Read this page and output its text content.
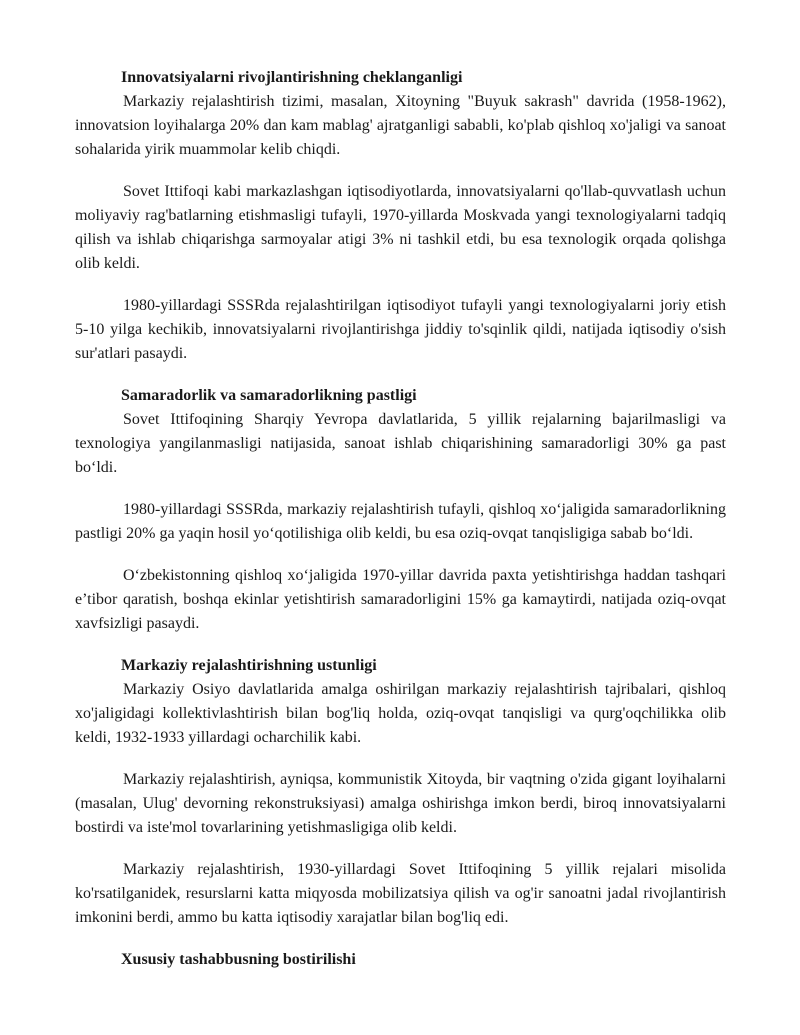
Innovatsiyalarni rivojlantirishning cheklanganligi

Markaziy rejalashtirish tizimi, masalan, Xitoyning "Buyuk sakrash" davrida (1958-1962), innovatsion loyihalarga 20% dan kam mablag' ajratganligi sababli, ko'plab qishloq xo'jaligi va sanoat sohalarida yirik muammolar kelib chiqdi.

Sovet Ittifoqi kabi markazlashgan iqtisodiyotlarda, innovatsiyalarni qo'llab-quvvatlash uchun moliyaviy rag'batlarning etishmasligi tufayli, 1970-yillarda Moskvada yangi texnologiyalarni tadqiq qilish va ishlab chiqarishga sarmoyalar atigi 3% ni tashkil etdi, bu esa texnologik orqada qolishga olib keldi.

1980-yillardagi SSSRda rejalashtirilgan iqtisodiyot tufayli yangi texnologiyalarni joriy etish 5-10 yilga kechikib, innovatsiyalarni rivojlantirishga jiddiy to'sqinlik qildi, natijada iqtisodiy o'sish sur'atlari pasaydi.

Samaradorlik va samaradorlikning pastligi

Sovet Ittifoqining Sharqiy Yevropa davlatlarida, 5 yillik rejalarning bajarilmasligi va texnologiya yangilanmasligi natijasida, sanoat ishlab chiqarishining samaradorligi 30% ga past bo‘ldi.

1980-yillardagi SSSRda, markaziy rejalashtirish tufayli, qishloq xo‘jaligida samaradorlikning pastligi 20% ga yaqin hosil yo‘qotilishiga olib keldi, bu esa oziq-ovqat tanqisligiga sabab bo‘ldi.

O‘zbekistonning qishloq xo‘jaligida 1970-yillar davrida paxta yetishtirishga haddan tashqari e’tibor qaratish, boshqa ekinlar yetishtirish samaradorligini 15% ga kamaytirdi, natijada oziq-ovqat xavfsizligi pasaydi.

Markaziy rejalashtirishning ustunligi

Markaziy Osiyo davlatlarida amalga oshirilgan markaziy rejalashtirish tajribalari, qishloq xo'jaligidagi kollektivlashtirish bilan bog'liq holda, oziq-ovqat tanqisligi va qurg'oqchilikka olib keldi, 1932-1933 yillardagi ocharchilik kabi.

Markaziy rejalashtirish, ayniqsa, kommunistik Xitoyda, bir vaqtning o'zida gigant loyihalarni (masalan, Ulug' devorning rekonstruksiyasi) amalga oshirishga imkon berdi, biroq innovatsiyalarni bostirdi va iste'mol tovarlarining yetishmasligiga olib keldi.

Markaziy rejalashtirish, 1930-yillardagi Sovet Ittifoqining 5 yillik rejalari misolida ko'rsatilganidek, resurslarni katta miqyosda mobilizatsiya qilish va og'ir sanoatni jadal rivojlantirish imkonini berdi, ammo bu katta iqtisodiy xarajatlar bilan bog'liq edi.

Xususiy tashabbusning bostirilishi
